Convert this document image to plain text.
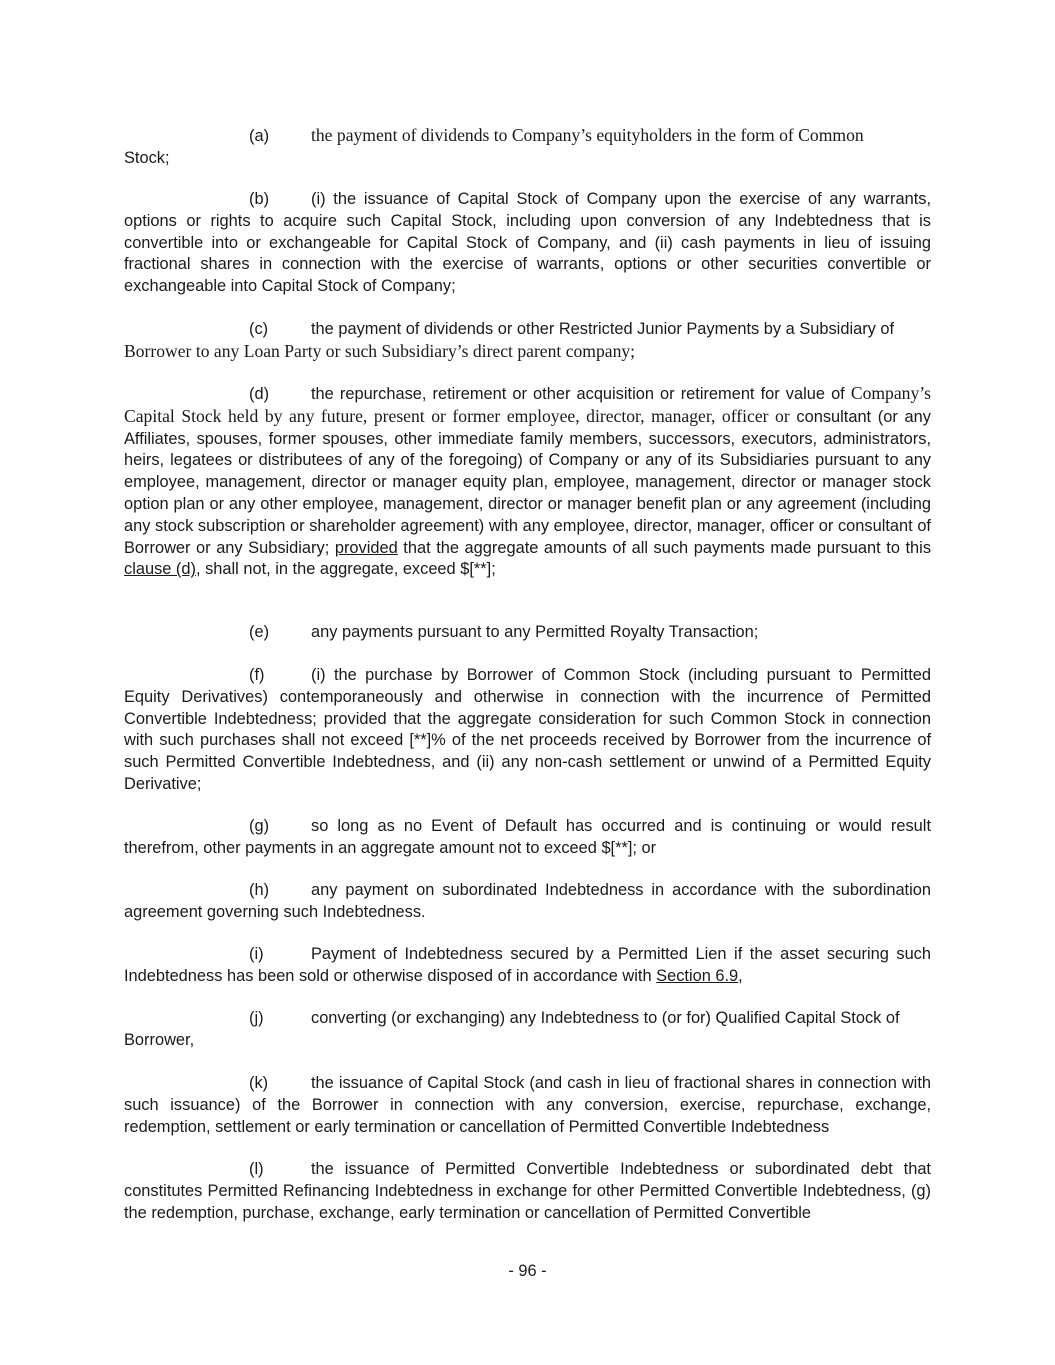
(a) the payment of dividends to Company’s equityholders in the form of Common
Stock;

(b)	(i) the issuance of Capital Stock of Company upon the exercise of any warrants, options or rights to acquire such Capital Stock, including upon conversion of any Indebtedness that is convertible into or exchangeable for Capital Stock of Company, and (ii) cash payments in lieu of issuing fractional shares in connection with the exercise of warrants, options or other securities convertible or exchangeable into Capital Stock of Company;

(c)	the payment of dividends or other Restricted Junior Payments by a Subsidiary of
Borrower to any Loan Party or such Subsidiary’s direct parent company;

(d)	the repurchase, retirement or other acquisition or retirement for value of Company’s Capital Stock held by any future, present or former employee, director, manager, officer or consultant (or any Affiliates, spouses, former spouses, other immediate family members, successors, executors, administrators, heirs, legatees or distributees of any of the foregoing) of Company or any of its Subsidiaries pursuant to any employee, management, director or manager equity plan, employee, management, director or manager stock option plan or any other employee, management, director or manager benefit plan or any agreement (including any stock subscription or shareholder agreement) with any employee, director, manager, officer or consultant of Borrower or any Subsidiary; provided that the aggregate amounts of all such payments made pursuant to this clause (d), shall not, in the aggregate, exceed $[**];

(e)	any payments pursuant to any Permitted Royalty Transaction;

(f)	(i) the purchase by Borrower of Common Stock (including pursuant to Permitted Equity Derivatives) contemporaneously and otherwise in connection with the incurrence of Permitted Convertible Indebtedness; provided that the aggregate consideration for such Common Stock in connection with such purchases shall not exceed [**]% of the net proceeds received by Borrower from the incurrence of such Permitted Convertible Indebtedness, and (ii) any non-cash settlement or unwind of a Permitted Equity Derivative;

(g)	so long as no Event of Default has occurred and is continuing or would result therefrom, other payments in an aggregate amount not to exceed $[**]; or

(h)	any payment on subordinated Indebtedness in accordance with the subordination agreement governing such Indebtedness.

(i)	Payment of Indebtedness secured by a Permitted Lien if the asset securing such Indebtedness has been sold or otherwise disposed of in accordance with Section 6.9,

(j)	converting (or exchanging) any Indebtedness to (or for) Qualified Capital Stock of
Borrower,

(k)	the issuance of Capital Stock (and cash in lieu of fractional shares in connection with such issuance) of the Borrower in connection with any conversion, exercise, repurchase, exchange, redemption, settlement or early termination or cancellation of Permitted Convertible Indebtedness

(l)	the issuance of Permitted Convertible Indebtedness or subordinated debt that constitutes Permitted Refinancing Indebtedness in exchange for other Permitted Convertible Indebtedness, (g) the redemption, purchase, exchange, early termination or cancellation of Permitted Convertible

- 96 -
